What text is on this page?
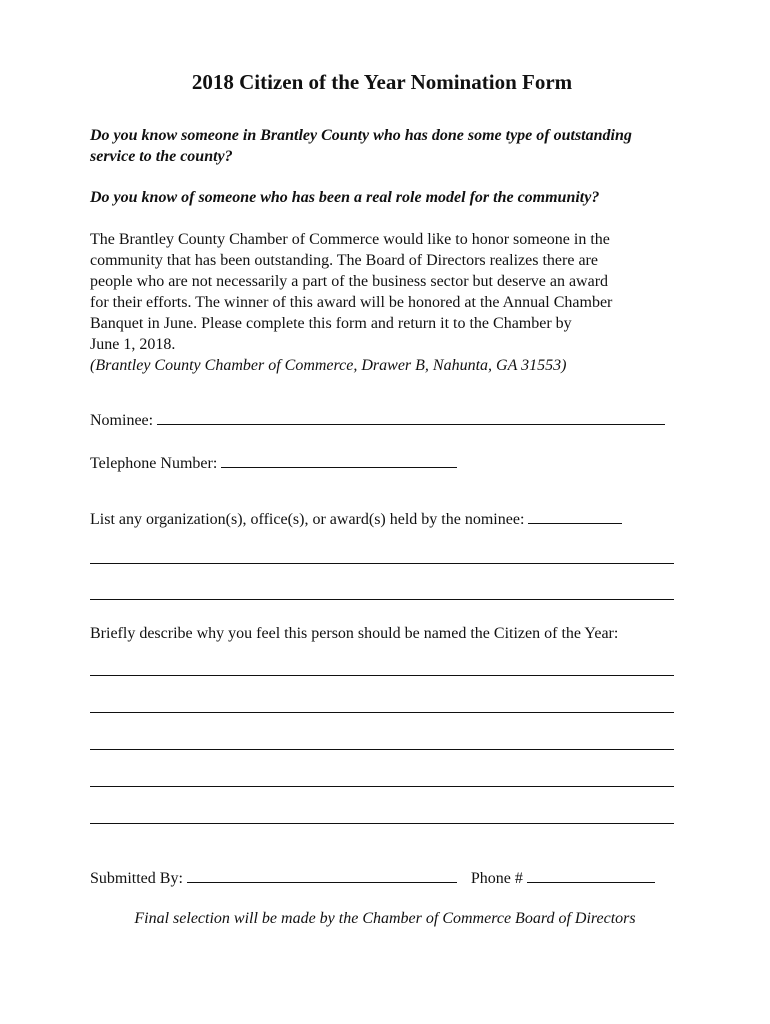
2018 Citizen of the Year Nomination Form

Do you know someone in Brantley County who has done some type of outstanding service to the county?

Do you know of someone who has been a real role model for the community?

The Brantley County Chamber of Commerce would like to honor someone in the
community that has been outstanding. The Board of Directors realizes there are
people who are not necessarily a part of the business sector but deserve an award
for their efforts. The winner of this award will be honored at the Annual Chamber
Banquet in June. Please complete this form and return it to the Chamber by
June 1, 2018.
(Brantley County Chamber of Commerce, Drawer B, Nahunta, GA 31553)
Nominee:
Telephone Number:
List any organization(s), office(s), or award(s) held by the nominee:
Briefly describe why you feel this person should be named the Citizen of the Year:
Submitted By:	Phone #
Final selection will be made by the Chamber of Commerce Board of Directors
